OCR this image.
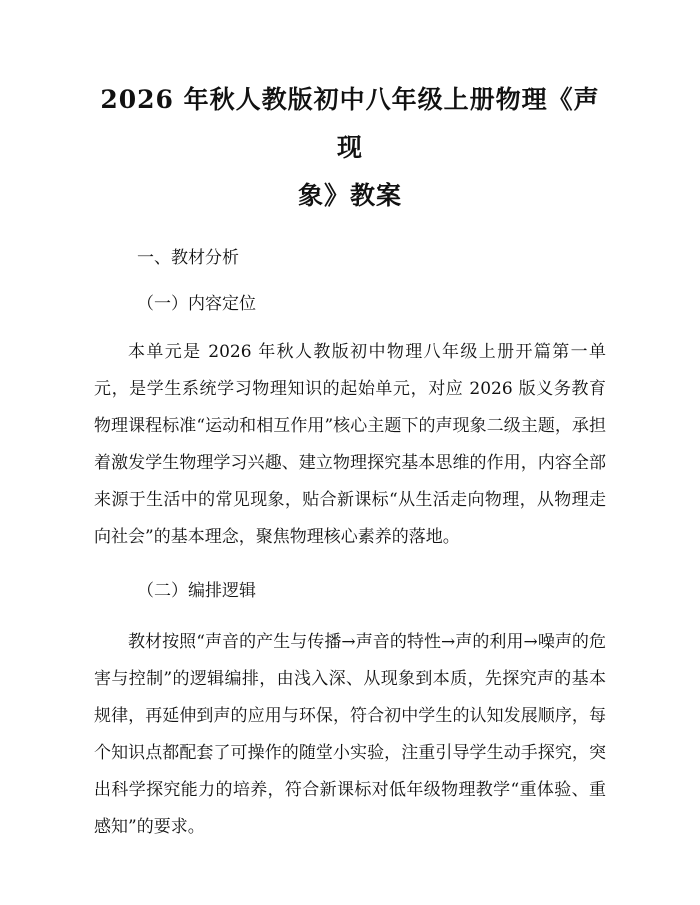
2026 年秋人教版初中八年级上册物理《声现
象》教案
一、教材分析
（一）内容定位

本单元是 2026 年秋人教版初中物理八年级上册开篇第一单元，是学生系统学习物理知识的起始单元，对应 2026 版义务教育物理课程标准“运动和相互作用”核心主题下的声现象二级主题，承担着激发学生物理学习兴趣、建立物理探究基本思维的作用，内容全部来源于生活中的常见现象，贴合新课标“从生活走向物理，从物理走向社会”的基本理念，聚焦物理核心素养的落地。

（二）编排逻辑

教材按照“声音的产生与传播→声音的特性→声的利用→噪声的危害与控制”的逻辑编排，由浅入深、从现象到本质，先探究声的基本规律，再延伸到声的应用与环保，符合初中学生的认知发展顺序，每个知识点都配套了可操作的随堂小实验，注重引导学生动手探究，突出科学探究能力的培养，符合新课标对低年级物理教学“重体验、重感知”的要求。
